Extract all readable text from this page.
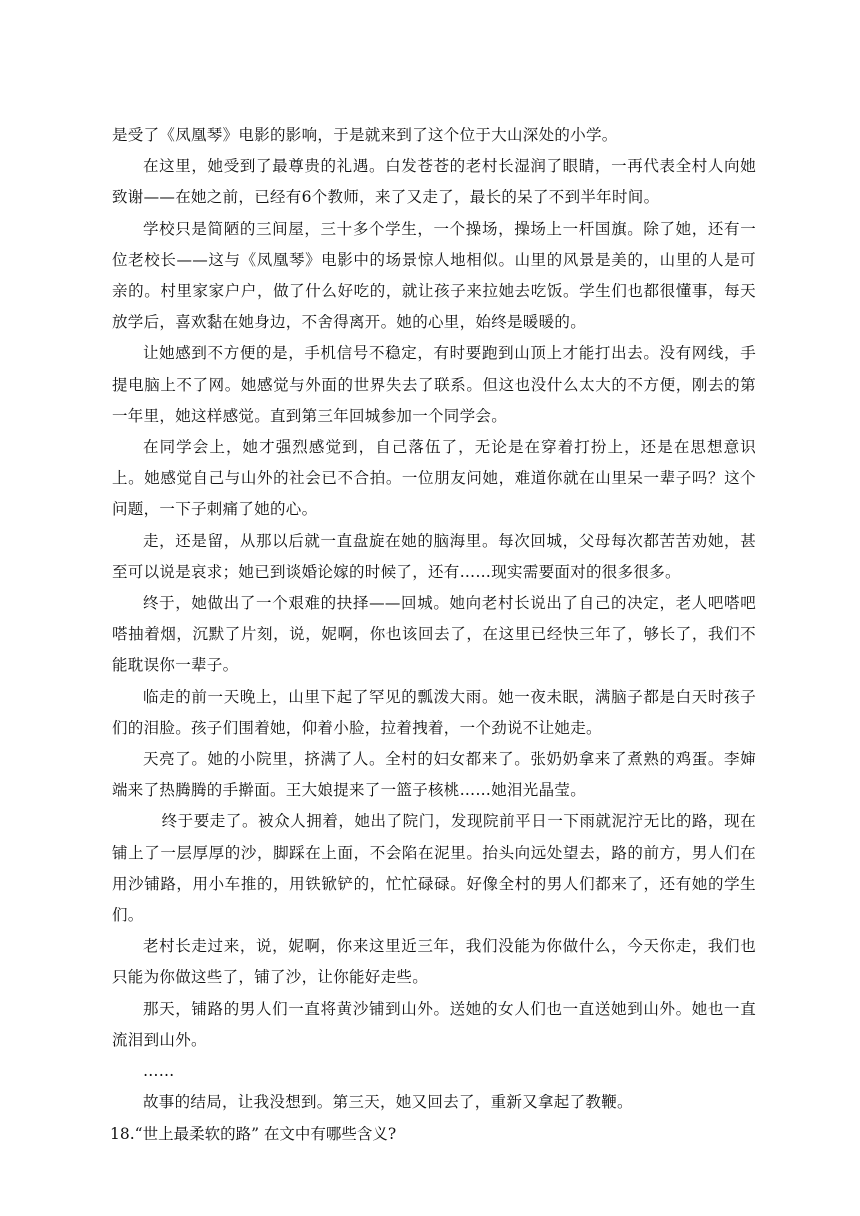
是受了《凤凰琴》电影的影响，于是就来到了这个位于大山深处的小学。

在这里，她受到了最尊贵的礼遇。白发苍苍的老村长湿润了眼睛，一再代表全村人向她致谢——在她之前，已经有6个教师，来了又走了，最长的呆了不到半年时间。

学校只是简陋的三间屋，三十多个学生，一个操场，操场上一杆国旗。除了她，还有一位老校长——这与《凤凰琴》电影中的场景惊人地相似。山里的风景是美的，山里的人是可亲的。村里家家户户，做了什么好吃的，就让孩子来拉她去吃饭。学生们也都很懂事，每天放学后，喜欢黏在她身边，不舍得离开。她的心里，始终是暖暖的。

让她感到不方便的是，手机信号不稳定，有时要跑到山顶上才能打出去。没有网线，手提电脑上不了网。她感觉与外面的世界失去了联系。但这也没什么太大的不方便，刚去的第一年里，她这样感觉。直到第三年回城参加一个同学会。

在同学会上，她才强烈感觉到，自己落伍了，无论是在穿着打扮上，还是在思想意识上。她感觉自己与山外的社会已不合拍。一位朋友问她，难道你就在山里呆一辈子吗？这个问题，一下子刺痛了她的心。

走，还是留，从那以后就一直盘旋在她的脑海里。每次回城，父母每次都苦苦劝她，甚至可以说是哀求；她已到谈婚论嫁的时候了，还有……现实需要面对的很多很多。

终于，她做出了一个艰难的抉择——回城。她向老村长说出了自己的决定，老人吧嗒吧嗒抽着烟，沉默了片刻，说，妮啊，你也该回去了，在这里已经快三年了，够长了，我们不能耽误你一辈子。

临走的前一天晚上，山里下起了罕见的瓢泼大雨。她一夜未眠，满脑子都是白天时孩子们的泪脸。孩子们围着她，仰着小脸，拉着拽着，一个劲说不让她走。

天亮了。她的小院里，挤满了人。全村的妇女都来了。张奶奶拿来了煮熟的鸡蛋。李婶端来了热腾腾的手擀面。王大娘提来了一篮子核桃……她泪光晶莹。

终于要走了。被众人拥着，她出了院门，发现院前平日一下雨就泥泞无比的路，现在铺上了一层厚厚的沙，脚踩在上面，不会陷在泥里。抬头向远处望去，路的前方，男人们在用沙铺路，用小车推的，用铁锨铲的，忙忙碌碌。好像全村的男人们都来了，还有她的学生们。

老村长走过来，说，妮啊，你来这里近三年，我们没能为你做什么，今天你走，我们也只能为你做这些了，铺了沙，让你能好走些。

那天，铺路的男人们一直将黄沙铺到山外。送她的女人们也一直送她到山外。她也一直流泪到山外。

……

故事的结局，让我没想到。第三天，她又回去了，重新又拿起了教鞭。

18.“世上最柔软的路” 在文中有哪些含义?
